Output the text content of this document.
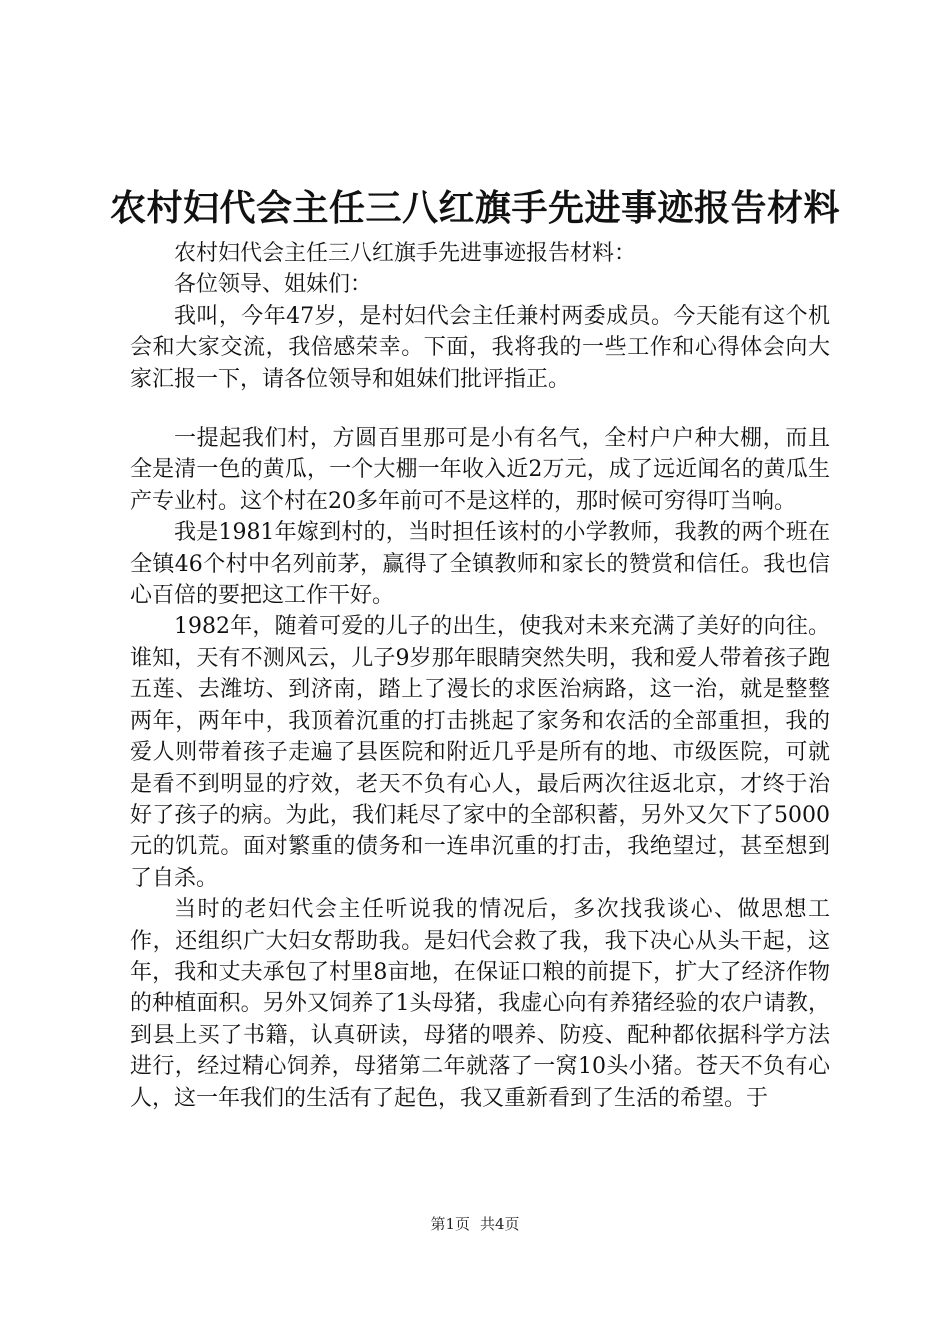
农村妇代会主任三八红旗手先进事迹报告材料

农村妇代会主任三八红旗手先进事迹报告材料：

各位领导、姐妹们：

我叫，今年47岁，是村妇代会主任兼村两委成员。今天能有这个机会和大家交流，我倍感荣幸。下面，我将我的一些工作和心得体会向大家汇报一下，请各位领导和姐妹们批评指正。

一提起我们村，方圆百里那可是小有名气，全村户户种大棚，而且全是清一色的黄瓜，一个大棚一年收入近2万元，成了远近闻名的黄瓜生产专业村。这个村在20多年前可不是这样的，那时候可穷得叮当响。

我是1981年嫁到村的，当时担任该村的小学教师，我教的两个班在全镇46个村中名列前茅，赢得了全镇教师和家长的赞赏和信任。我也信心百倍的要把这工作干好。

1982年，随着可爱的儿子的出生，使我对未来充满了美好的向往。谁知，天有不测风云，儿子9岁那年眼睛突然失明，我和爱人带着孩子跑五莲、去潍坊、到济南，踏上了漫长的求医治病路，这一治，就是整整两年，两年中，我顶着沉重的打击挑起了家务和农活的全部重担，我的爱人则带着孩子走遍了县医院和附近几乎是所有的地、市级医院，可就是看不到明显的疗效，老天不负有心人，最后两次往返北京，才终于治好了孩子的病。为此，我们耗尽了家中的全部积蓄，另外又欠下了5000元的饥荒。面对繁重的债务和一连串沉重的打击，我绝望过，甚至想到了自杀。

当时的老妇代会主任听说我的情况后，多次找我谈心、做思想工作，还组织广大妇女帮助我。是妇代会救了我，我下决心从头干起，这年，我和丈夫承包了村里8亩地，在保证口粮的前提下，扩大了经济作物的种植面积。另外又饲养了1头母猪，我虚心向有养猪经验的农户请教，到县上买了书籍，认真研读，母猪的喂养、防疫、配种都依据科学方法进行，经过精心饲养，母猪第二年就落了一窝10头小猪。苍天不负有心人，这一年我们的生活有了起色，我又重新看到了生活的希望。于

第1页 共4页
